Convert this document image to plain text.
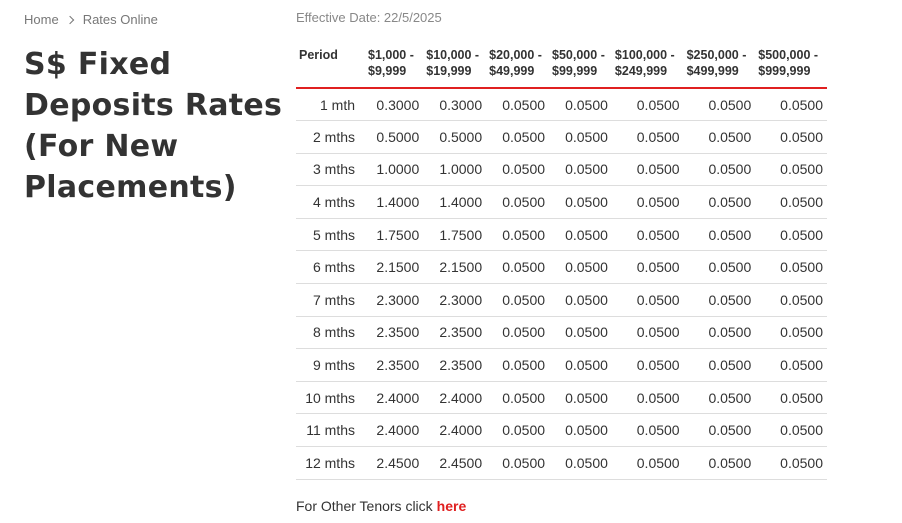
Home Rates Online
S$ Fixed Deposits Rates (For New Placements)
Effective Date: 22/5/2025
Period	$1,000 - $9,999	$10,000 - $19,999	$20,000 - $49,999	$50,000 - $99,999	$100,000 - $249,999	$250,000 - $499,999	$500,000 - $999,999
1 mth	0.3000	0.3000	0.0500	0.0500	0.0500	0.0500	0.0500
2 mths	0.5000	0.5000	0.0500	0.0500	0.0500	0.0500	0.0500
3 mths	1.0000	1.0000	0.0500	0.0500	0.0500	0.0500	0.0500
4 mths	1.4000	1.4000	0.0500	0.0500	0.0500	0.0500	0.0500
5 mths	1.7500	1.7500	0.0500	0.0500	0.0500	0.0500	0.0500
6 mths	2.1500	2.1500	0.0500	0.0500	0.0500	0.0500	0.0500
7 mths	2.3000	2.3000	0.0500	0.0500	0.0500	0.0500	0.0500
8 mths	2.3500	2.3500	0.0500	0.0500	0.0500	0.0500	0.0500
9 mths	2.3500	2.3500	0.0500	0.0500	0.0500	0.0500	0.0500
10 mths	2.4000	2.4000	0.0500	0.0500	0.0500	0.0500	0.0500
11 mths	2.4000	2.4000	0.0500	0.0500	0.0500	0.0500	0.0500
12 mths	2.4500	2.4500	0.0500	0.0500	0.0500	0.0500	0.0500
For Other Tenors click here
